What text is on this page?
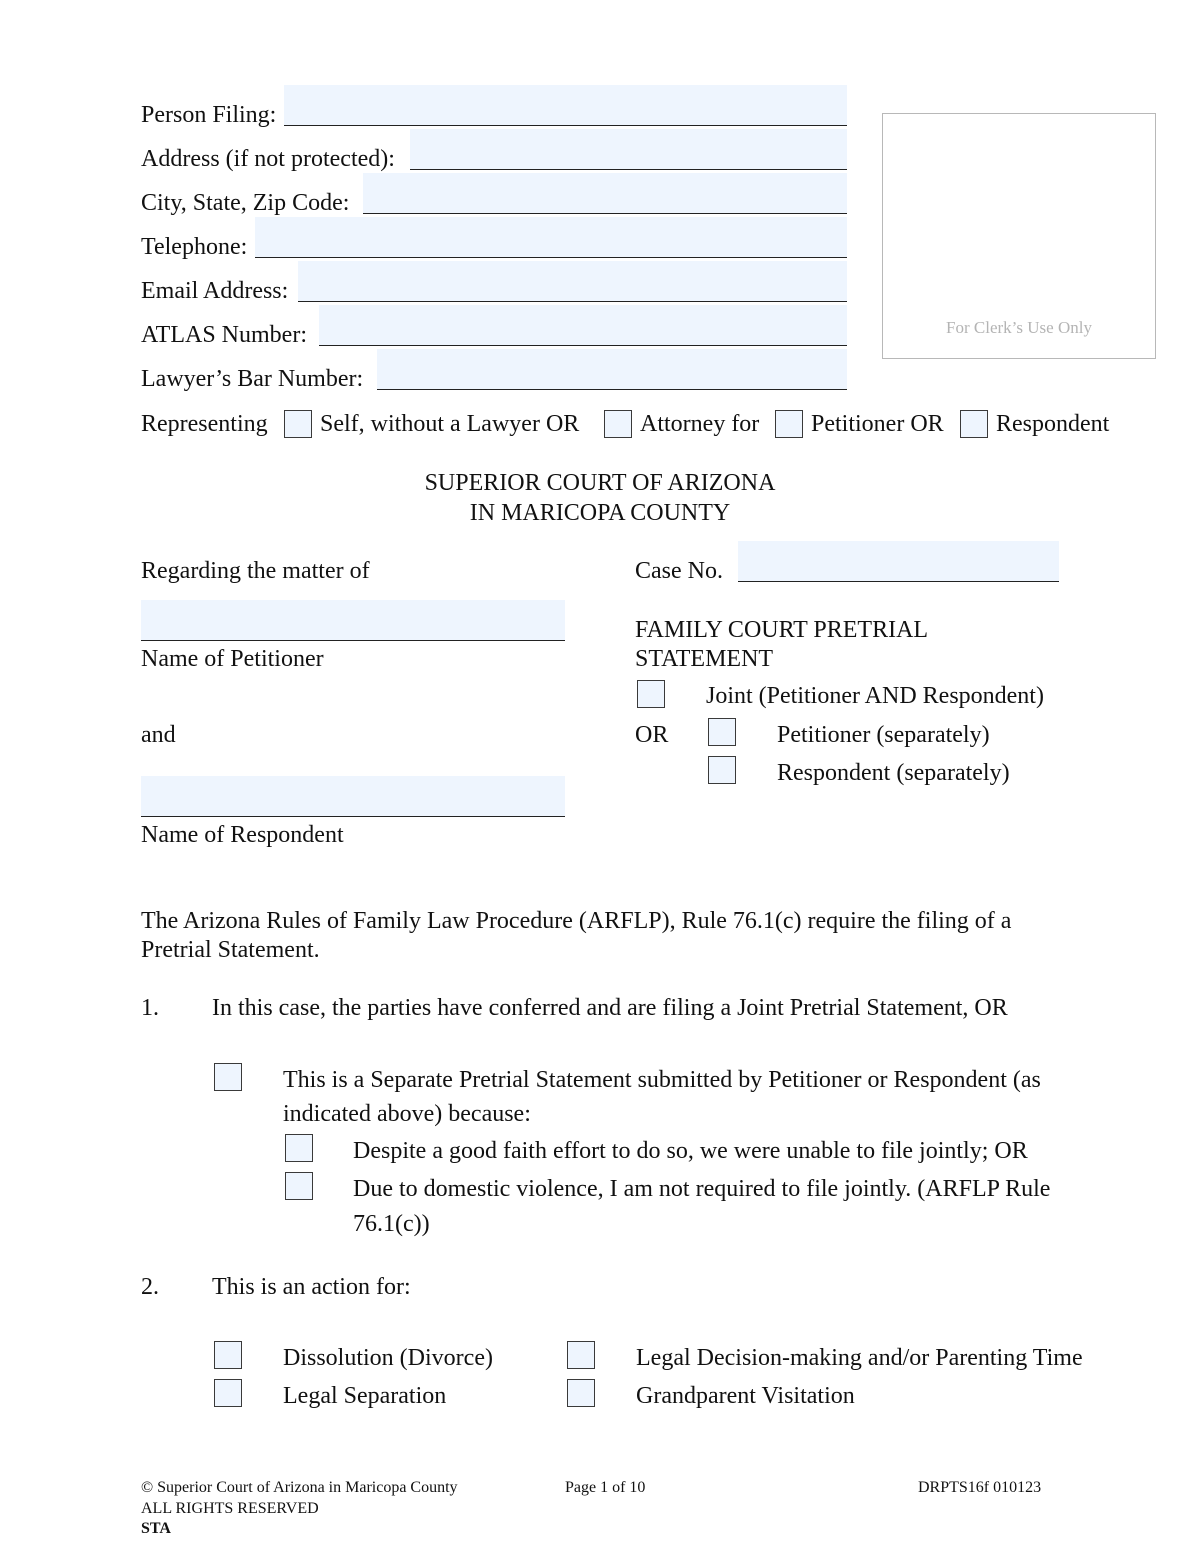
Person Filing:
Address (if not protected):
City, State, Zip Code:
Telephone:
Email Address:
ATLAS Number:
Lawyer’s Bar Number:
For Clerk’s Use Only
Representing Self, without a Lawyer OR	Attorney for Petitioner OR Respondent
SUPERIOR COURT OF ARIZONA
IN MARICOPA COUNTY
Regarding the matter of
Name of Petitioner
and
Name of Respondent
Case No.
FAMILY COURT PRETRIAL
STATEMENT
Joint (Petitioner AND Respondent)
OR	Petitioner (separately)
Respondent (separately)
The Arizona Rules of Family Law Procedure (ARFLP), Rule 76.1(c) require the filing of a
Pretrial Statement.
1. In this case, the parties have conferred and are filing a Joint Pretrial Statement, OR
This is a Separate Pretrial Statement submitted by Petitioner or Respondent (as
indicated above) because:
Despite a good faith effort to do so, we were unable to file jointly; OR
Due to domestic violence, I am not required to file jointly. (ARFLP Rule
76.1(c))
2. This is an action for:
Dissolution (Divorce)	Legal Decision-making and/or Parenting Time
Legal Separation	Grandparent Visitation
© Superior Court of Arizona in Maricopa County
ALL RIGHTS RESERVED
STA
Page 1 of 10	DRPTS16f 010123
